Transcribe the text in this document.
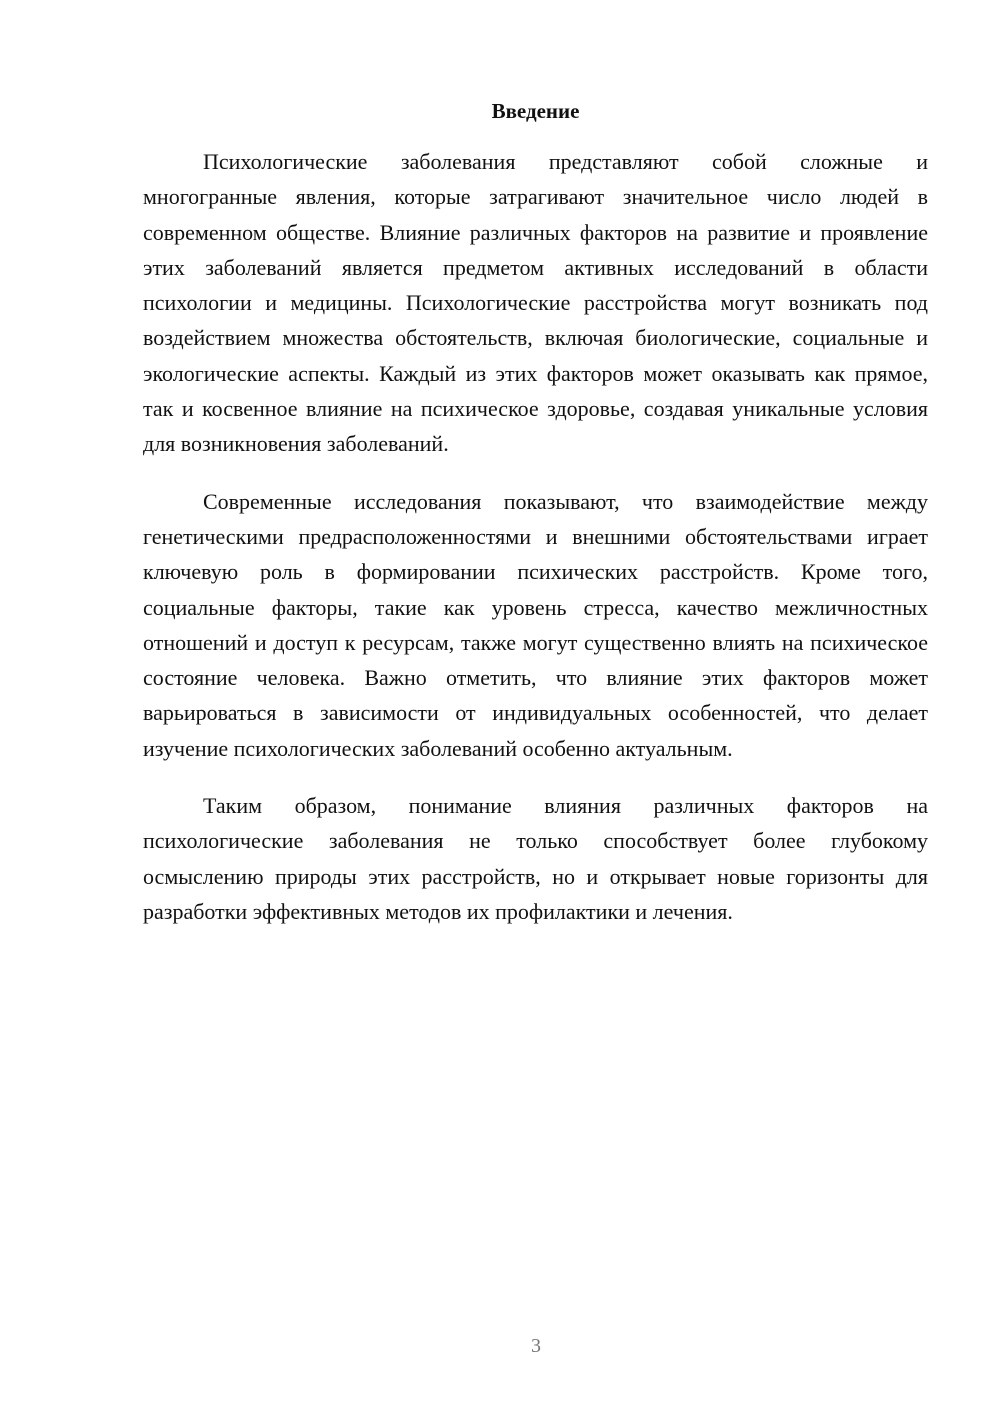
Введение

Психологические заболевания представляют собой сложные и многогранные явления, которые затрагивают значительное число людей в современном обществе. Влияние различных факторов на развитие и проявление этих заболеваний является предметом активных исследований в области психологии и медицины. Психологические расстройства могут возникать под воздействием множества обстоятельств, включая биологические, социальные и экологические аспекты. Каждый из этих факторов может оказывать как прямое, так и косвенное влияние на психическое здоровье, создавая уникальные условия для возникновения заболеваний.

Современные исследования показывают, что взаимодействие между генетическими предрасположенностями и внешними обстоятельствами играет ключевую роль в формировании психических расстройств. Кроме того, социальные факторы, такие как уровень стресса, качество межличностных отношений и доступ к ресурсам, также могут существенно влиять на психическое состояние человека. Важно отметить, что влияние этих факторов может варьироваться в зависимости от индивидуальных особенностей, что делает изучение психологических заболеваний особенно актуальным.

Таким образом, понимание влияния различных факторов на психологические заболевания не только способствует более глубокому осмыслению природы этих расстройств, но и открывает новые горизонты для разработки эффективных методов их профилактики и лечения.

3
